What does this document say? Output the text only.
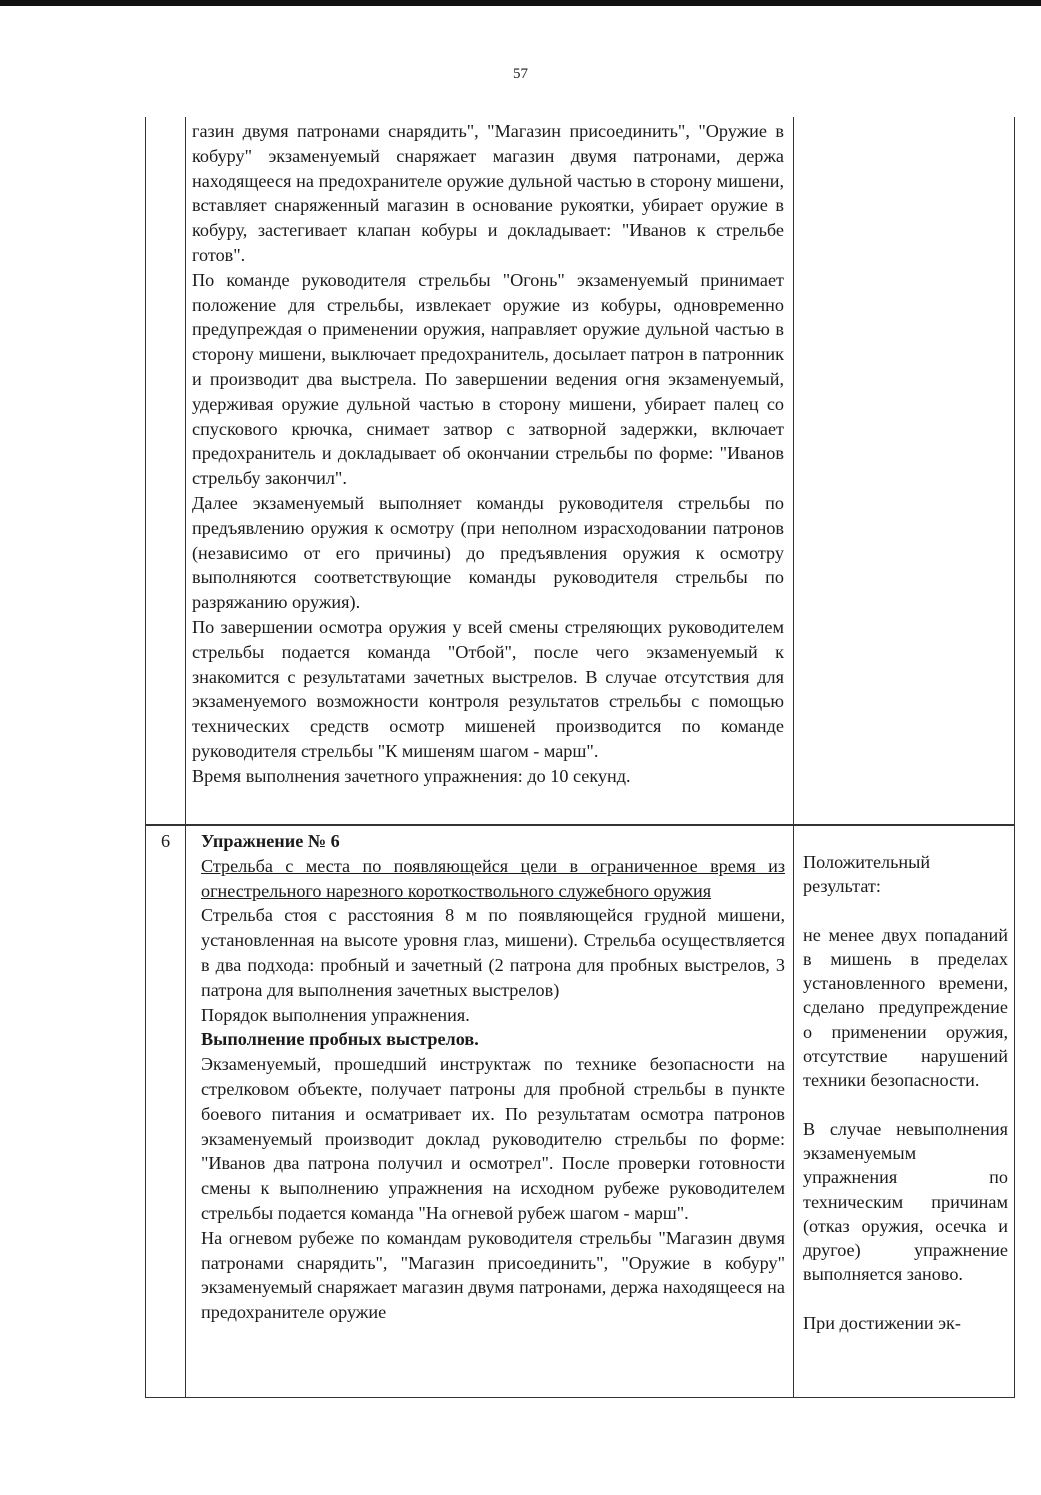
57

газин двумя патронами снарядить", "Магазин присоединить", "Оружие в кобуру" экзаменуемый снаряжает магазин двумя патронами, держа находящееся на предохранителе оружие дульной частью в сторону мишени, вставляет снаряженный магазин в основание рукоятки, убирает оружие в кобуру, застегивает клапан кобуры и докладывает: "Иванов к стрельбе готов".

По команде руководителя стрельбы "Огонь" экзаменуемый принимает положение для стрельбы, извлекает оружие из кобуры, одновременно предупреждая о применении оружия, направляет оружие дульной частью в сторону мишени, выключает предохранитель, досылает патрон в патронник и производит два выстрела. По завершении ведения огня экзаменуемый, удерживая оружие дульной частью в сторону мишени, убирает палец со спускового крючка, снимает затвор с затворной задержки, включает предохранитель и докладывает об окончании стрельбы по форме: "Иванов стрельбу закончил".

Далее экзаменуемый выполняет команды руководителя стрельбы по предъявлению оружия к осмотру (при неполном израсходовании патронов (независимо от его причины) до предъявления оружия к осмотру выполняются соответствующие команды руководителя стрельбы по разряжанию оружия).

По завершении осмотра оружия у всей смены стреляющих руководителем стрельбы подается команда "Отбой", после чего экзаменуемый к знакомится с результатами зачетных выстрелов. В случае отсутствия для экзаменуемого возможности контроля результатов стрельбы с помощью технических средств осмотр мишеней производится по команде руководителя стрельбы "К мишеням шагом - марш".

Время выполнения зачетного упражнения: до 10 секунд.

6	Упражнение № 6

Стрельба с места по появляющейся цели в ограниченное время из огнестрельного нарезного короткоствольного служебного оружия

Стрельба стоя с расстояния 8 м по появляющейся грудной мишени, установленная на высоте уровня глаз, мишени). Стрельба осуществляется в два подхода: пробный и зачетный (2 патрона для пробных выстрелов, 3 патрона для выполнения зачетных выстрелов)

Порядок выполнения упражнения.

Выполнение пробных выстрелов.

Экзаменуемый, прошедший инструктаж по технике безопасности на стрелковом объекте, получает патроны для пробной стрельбы в пункте боевого питания и осматривает их. По результатам осмотра патронов экзаменуемый производит доклад руководителю стрельбы по форме: "Иванов два патрона получил и осмотрел". После проверки готовности смены к выполнению упражнения на исходном рубеже руководителем стрельбы подается команда "На огневой рубеж шагом - марш".

На огневом рубеже по командам руководителя стрельбы "Магазин двумя патронами снарядить", "Магазин присоединить", "Оружие в кобуру" экзаменуемый снаряжает магазин двумя патронами, держа находящееся на предохранителе оружие

Положительный результат:

не менее двух попаданий в мишень в пределах установленного времени, сделано предупреждение о применении оружия, отсутствие нарушений техники безопасности.

В случае невыполнения экзаменуемым упражнения по техническим причинам (отказ оружия, осечка и другое) упражнение выполняется заново.

При достижении эк-
